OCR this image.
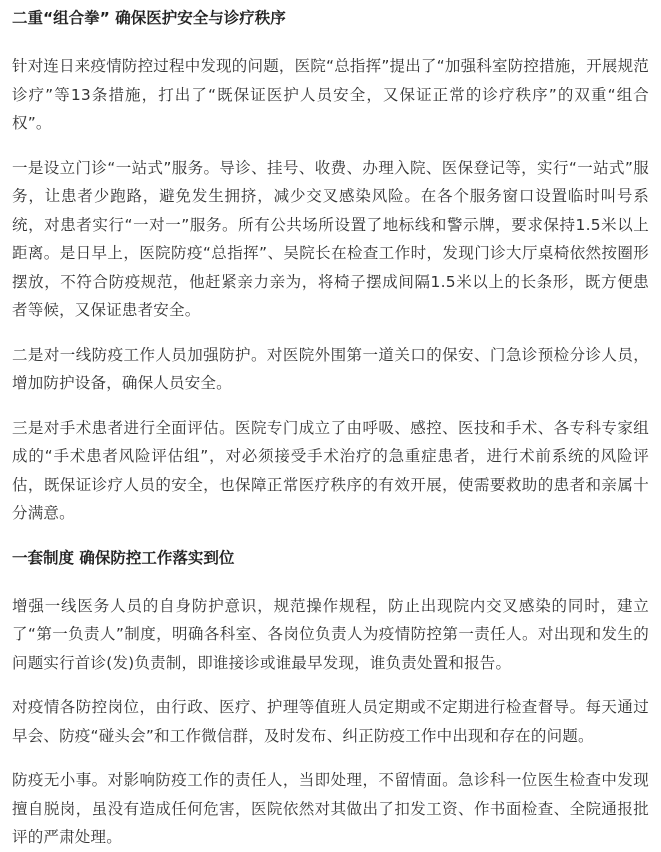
二重“组合拳” 确保医护安全与诊疗秩序

针对连日来疫情防控过程中发现的问题，医院“总指挥”提出了“加强科室防控措施，开展规范诊疗”等13条措施，打出了“既保证医护人员安全，又保证正常的诊疗秩序”的双重“组合权”。

一是设立门诊“一站式”服务。导诊、挂号、收费、办理入院、医保登记等，实行“一站式”服务，让患者少跑路，避免发生拥挤，减少交叉感染风险。在各个服务窗口设置临时叫号系统，对患者实行“一对一”服务。所有公共场所设置了地标线和警示牌，要求保持1.5米以上距离。是日早上，医院防疫“总指挥”、吴院长在检查工作时，发现门诊大厅桌椅依然按圈形摆放，不符合防疫规范，他赶紧亲力亲为，将椅子摆成间隔1.5米以上的长条形，既方便患者等候，又保证患者安全。

二是对一线防疫工作人员加强防护。对医院外围第一道关口的保安、门急诊预检分诊人员，增加防护设备，确保人员安全。

三是对手术患者进行全面评估。医院专门成立了由呼吸、感控、医技和手术、各专科专家组成的“手术患者风险评估组”，对必须接受手术治疗的急重症患者，进行术前系统的风险评估，既保证诊疗人员的安全，也保障正常医疗秩序的有效开展，使需要救助的患者和亲属十分满意。

一套制度 确保防控工作落实到位

增强一线医务人员的自身防护意识，规范操作规程，防止出现院内交叉感染的同时，建立了“第一负责人”制度，明确各科室、各岗位负责人为疫情防控第一责任人。对出现和发生的问题实行首诊(发)负责制，即谁接诊或谁最早发现，谁负责处置和报告。

对疫情各防控岗位，由行政、医疗、护理等值班人员定期或不定期进行检查督导。每天通过早会、防疫“碰头会”和工作微信群，及时发布、纠正防疫工作中出现和存在的问题。

防疫无小事。对影响防疫工作的责任人，当即处理，不留情面。急诊科一位医生检查中发现擅自脱岗，虽没有造成任何危害，医院依然对其做出了扣发工资、作书面检查、全院通报批评的严肃处理。
